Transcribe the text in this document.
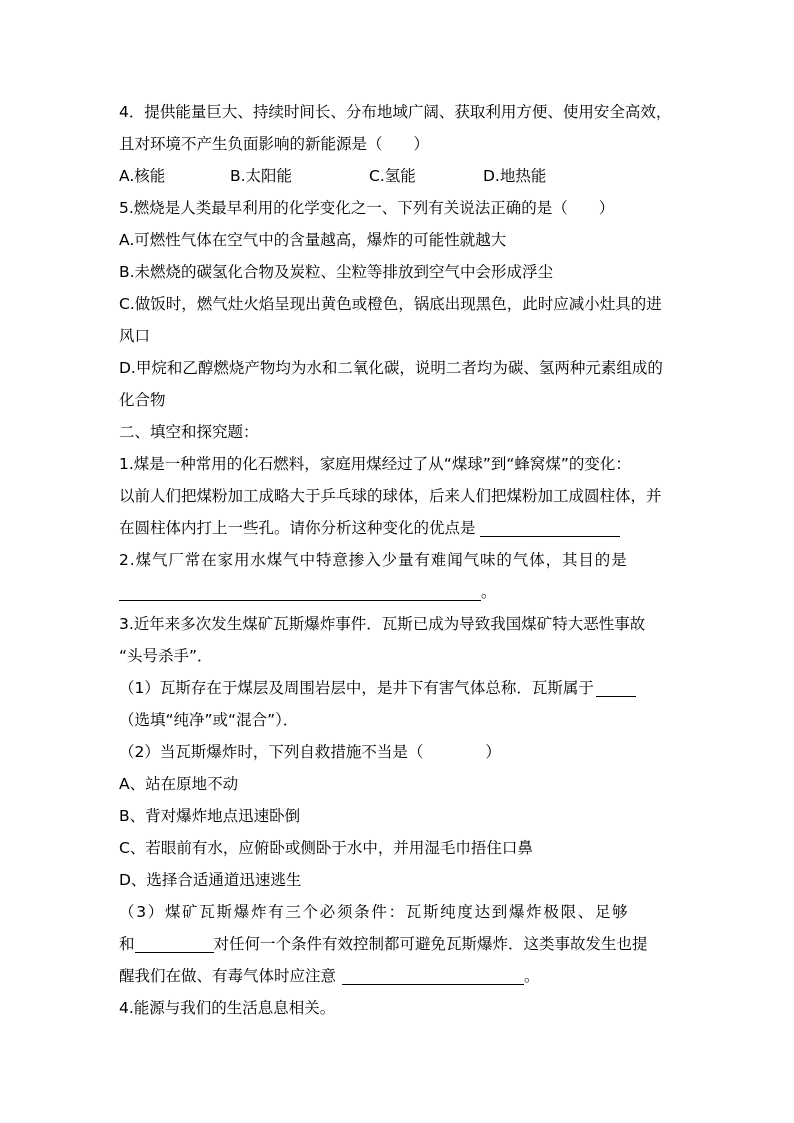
4．提供能量巨大、持续时间长、分布地域广阔、获取利用方便、使用安全高效，
且对环境不产生负面影响的新能源是（　　）
A.核能	B.太阳能	C.氢能	D.地热能
5.燃烧是人类最早利用的化学变化之一、下列有关说法正确的是（　　）
A.可燃性气体在空气中的含量越高，爆炸的可能性就越大
B.未燃烧的碳氢化合物及炭粒、尘粒等排放到空气中会形成浮尘
C.做饭时，燃气灶火焰呈现出黄色或橙色，锅底出现黑色，此时应减小灶具的进
风口
D.甲烷和乙醇燃烧产物均为水和二氧化碳，说明二者均为碳、氢两种元素组成的
化合物
二、填空和探究题：
1.煤是一种常用的化石燃料，家庭用煤经过了从“煤球”到“蜂窝煤”的变化：
以前人们把煤粉加工成略大于乒乓球的球体，后来人们把煤粉加工成圆柱体，并
在圆柱体内打上一些孔。请你分析这种变化的优点是
2.煤气厂常在家用水煤气中特意掺入少量有难闻气味的气体，其目的是
。
3.近年来多次发生煤矿瓦斯爆炸事件．瓦斯已成为导致我国煤矿特大恶性事故
“头号杀手”．
（1）瓦斯存在于煤层及周围岩层中，是井下有害气体总称．瓦斯属于
（选填“纯净”或“混合”）．
（2）当瓦斯爆炸时，下列自救措施不当是（　　　　）
A、站在原地不动
B、背对爆炸地点迅速卧倒
C、若眼前有水，应俯卧或侧卧于水中，并用湿毛巾捂住口鼻
D、选择合适通道迅速逃生
（3）煤矿瓦斯爆炸有三个必须条件：瓦斯纯度达到爆炸极限、足够
和	对任何一个条件有效控制都可避免瓦斯爆炸．这类事故发生也提
醒我们在做、有毒气体时应注意	。
4.能源与我们的生活息息相关。
